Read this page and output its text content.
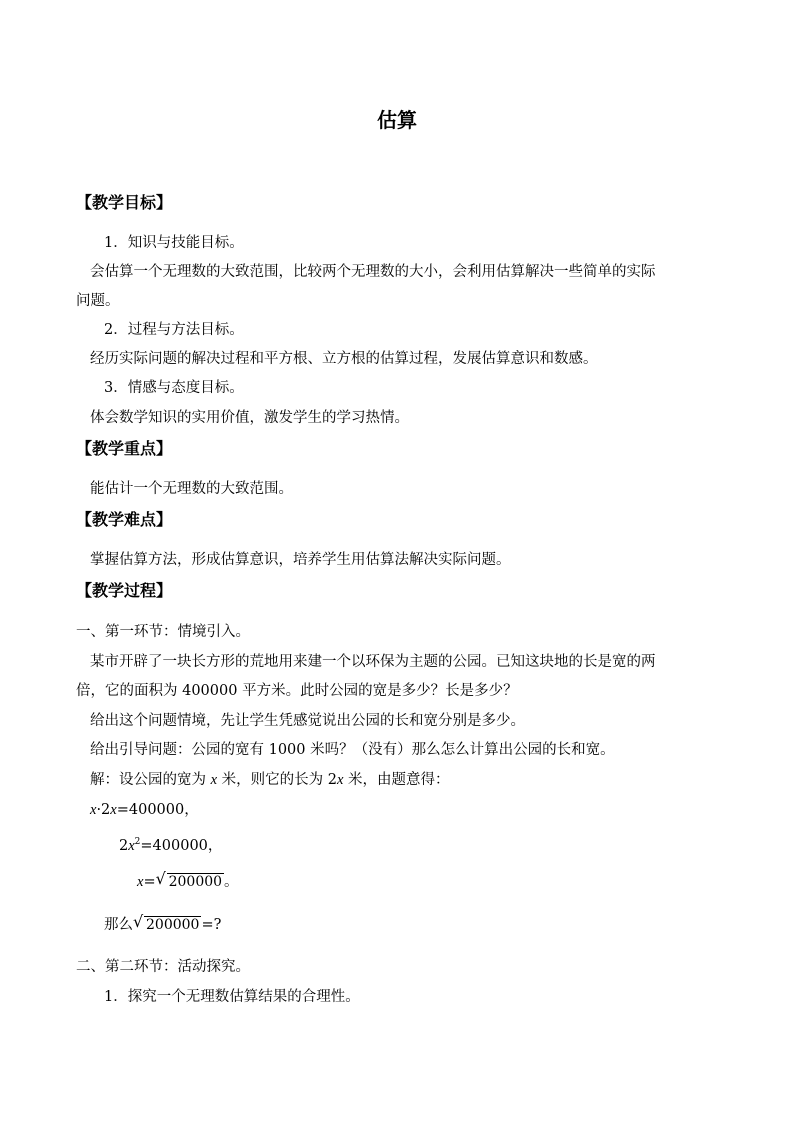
估算
【教学目标】
1．知识与技能目标。
会估算一个无理数的大致范围，比较两个无理数的大小，会利用估算解决一些简单的实际
问题。
2．过程与方法目标。
经历实际问题的解决过程和平方根、立方根的估算过程，发展估算意识和数感。
3．情感与态度目标。
体会数学知识的实用价值，激发学生的学习热情。
【教学重点】
能估计一个无理数的大致范围。
【教学难点】
掌握估算方法，形成估算意识，培养学生用估算法解决实际问题。
【教学过程】
一、第一环节：情境引入。
某市开辟了一块长方形的荒地用来建一个以环保为主题的公园。已知这块地的长是宽的两
倍，它的面积为 400000 平方米。此时公园的宽是多少？长是多少？
给出这个问题情境，先让学生凭感觉说出公园的长和宽分别是多少。
给出引导问题：公园的宽有 1000 米吗？（没有）那么怎么计算出公园的长和宽。
解：设公园的宽为 x 米，则它的长为 2x 米，由题意得：
x·2x=400000，
$2x^2=400000$，
x= √ 200000 。
那么 √ 200000 =?
二、第二环节：活动探究。
1．探究一个无理数估算结果的合理性。
